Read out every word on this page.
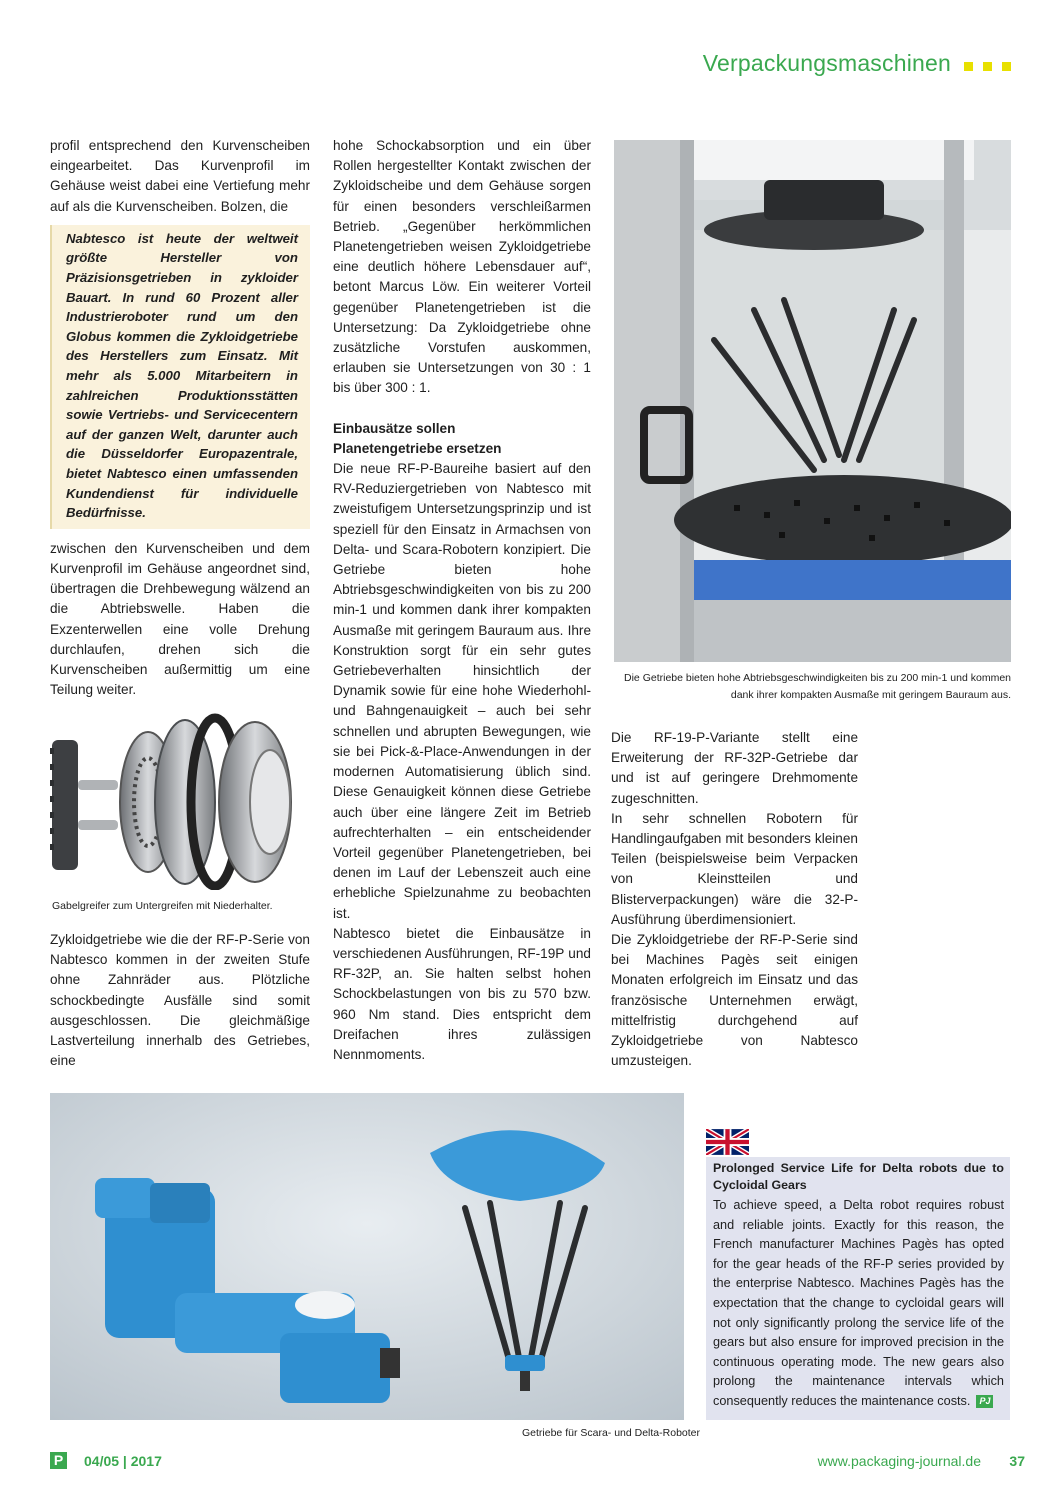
Verpackungsmaschinen

profil entsprechend den Kurvenscheiben eingearbeitet. Das Kurvenprofil im Gehäuse weist dabei eine Vertiefung mehr auf als die Kurvenscheiben. Bolzen, die

Nabtesco ist heute der weltweit größte Hersteller von Präzisionsgetrieben in zykloider Bauart. In rund 60 Prozent aller Industrieroboter rund um den Globus kommen die Zykloidgetriebe des Herstellers zum Einsatz. Mit mehr als 5.000 Mitarbeitern in zahlreichen Produktionsstätten sowie Vertriebs- und Servicecentern auf der ganzen Welt, darunter auch die Düsseldorfer Europazentrale, bietet Nabtesco einen umfassenden Kundendienst für individuelle Bedürfnisse.

zwischen den Kurvenscheiben und dem Kurvenprofil im Gehäuse angeordnet sind, übertragen die Drehbewegung wälzend an die Abtriebswelle. Haben die Exzenterwellen eine volle Drehung durchlaufen, drehen sich die Kurvenscheiben außermittig um eine Teilung weiter.

Gabelgreifer zum Untergreifen mit Niederhalter.

Zykloidgetriebe wie die der RF-P-Serie von Nabtesco kommen in der zweiten Stufe ohne Zahnräder aus. Plötzliche schockbedingte Ausfälle sind somit ausgeschlossen. Die gleichmäßige Lastverteilung innerhalb des Getriebes, eine

hohe Schockabsorption und ein über Rollen hergestellter Kontakt zwischen der Zykloidscheibe und dem Gehäuse sorgen für einen besonders verschleißarmen Betrieb. „Gegenüber herkömmlichen Planetengetrieben weisen Zykloidgetriebe eine deutlich höhere Lebensdauer auf“, betont Marcus Löw. Ein weiterer Vorteil gegenüber Planetengetrieben ist die Untersetzung: Da Zykloidgetriebe ohne zusätzliche Vorstufen auskommen, erlauben sie Untersetzungen von 30 : 1 bis über 300 : 1.

Einbausätze sollen
Planetengetriebe ersetzen

Die neue RF-P-Baureihe basiert auf den RV-Reduziergetrieben von Nabtesco mit zweistufigem Untersetzungsprinzip und ist speziell für den Einsatz in Armachsen von Delta- und Scara-Robotern konzipiert. Die Getriebe bieten hohe Abtriebsgeschwindigkeiten von bis zu 200 min-1 und kommen dank ihrer kompakten Ausmaße mit geringem Bauraum aus. Ihre Konstruktion sorgt für ein sehr gutes Getriebeverhalten hinsichtlich der Dynamik sowie für eine hohe Wiederhohl- und Bahngenauigkeit – auch bei sehr schnellen und abrupten Bewegungen, wie sie bei Pick-&-Place-Anwendungen in der modernen Automatisierung üblich sind. Diese Genauigkeit können diese Getriebe auch über eine längere Zeit im Betrieb aufrechterhalten – ein entscheidender Vorteil gegenüber Planetengetrieben, bei denen im Lauf der Lebenszeit auch eine erhebliche Spielzunahme zu beobachten ist.

Nabtesco bietet die Einbausätze in verschiedenen Ausführungen, RF-19P und RF-32P, an. Sie halten selbst hohen Schockbelastungen von bis zu 570 bzw. 960 Nm stand. Dies entspricht dem Dreifachen ihres zulässigen Nennmoments.

Die Getriebe bieten hohe Abtriebsgeschwindigkeiten bis zu 200 min-1 und kommen dank ihrer kompakten Ausmaße mit geringem Bauraum aus.

Die RF-19-P-Variante stellt eine Erweiterung der RF-32P-Getriebe dar und ist auf geringere Drehmomente zugeschnitten.

In sehr schnellen Robotern für Handlingaufgaben mit besonders kleinen Teilen (beispielsweise beim Verpacken von Kleinstteilen und Blisterverpackungen) wäre die 32-P-Ausführung überdimensioniert.

Die Zykloidgetriebe der RF-P-Serie sind bei Machines Pagès seit einigen Monaten erfolgreich im Einsatz und das französische Unternehmen erwägt, mittelfristig durchgehend auf Zykloidgetriebe von Nabtesco umzusteigen.

Getriebe für Scara- und Delta-Roboter
Prolonged Service Life for Delta robots due to Cycloidal Gears
To achieve speed, a Delta robot requires robust and reliable joints. Exactly for this reason, the French manufacturer Machines Pagès has opted for the gear heads of the RF-P series provided by the enterprise Nabtesco. Machines Pagès has the expectation that the change to cycloidal gears will not only significantly prolong the service life of the gears but also ensure for improved precision in the continuous operating mode. The new gears also prolong the maintenance intervals which consequently reduces the maintenance costs. PJ
P 04/05 | 2017	www.packaging-journal.de 37
